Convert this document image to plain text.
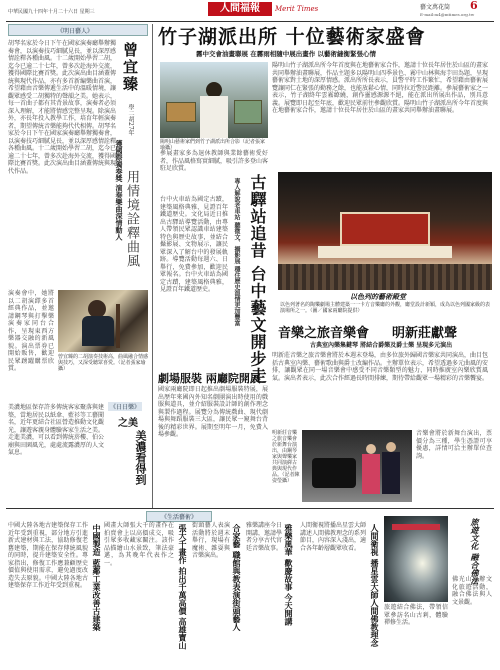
中華民國九十四年十月二十六日 星期三	人間福報	Merit Times	藝文萬花筒 6
E-mail:m4@mtimes.org.tw
《明日藝人》
胡琴名家於今日下午在國家演奏廳舉辦獨奏會，以演奏技巧細膩見長，並以深厚感情詮釋各種曲風。十二歲開始學習二胡，迄今已逾二十七年，曾多次赴海外交流，獲得國際比賽首獎。此次演出曲目涵蓋傳統與現代作品，亦有多首新編樂曲首演，希望藉由音樂傳遞生活中的溫暖情境，讓觀眾感受二胡獨特的聲韻之美。她表示，每一首曲子都有其背景故事，演奏者必須深入理解，才能將情感完整呈現。除演出外，亦長年投入教學工作，培育年輕演奏者，期望傳統音樂能夠代代相傳。胡琴名家於今日下午在國家演奏廳舉辦獨奏會，以演奏技巧細膩見長，並以深厚感情詮釋各種曲風。十二歲開始學習二胡，迄今已逾二十七年，曾多次赴海外交流，獲得國際比賽首獎。此次演出曲目涵蓋傳統與現代作品。
曾宜臻
學二胡27年
獲國際獨奏獎 演奏樂曲深情動人 用情境詮釋曲風
曾宜臻的二胡演奏技術高，曲風融合情感與技巧，又深受聽眾喜愛。（記者張家瑜攝）
演奏會中，她將以二胡演繹多首經典作品，並邀請鋼琴與打擊樂演奏家同台合作，呈現東西方樂器交融的新風貌。演出票券已開始販售，歡迎民眾踴躍購票欣賞。
《日日樂》
之美
美濃看得到
美濃地區保存許多傳統客家聚落與建築，當地居民以紙傘、藍衫等工藝聞名，近年更結合社區營造推動文化觀光，讓遊客親身體驗客家生活之美。走進美濃，可以看到傳統菸樓、伯公廟與田園風光，處處流露濃厚的人文氣息。
竹子湖派出所 十位藝術家盛會
霧中交會油畫聯展 在霧雨相隨中展出畫作 以藝術縫衡緊張心情
陽明山藝術家們到竹子湖派出所合影（記者張家瑜攝）
陽明山竹子湖派出所今年首度與在地藝術家合作，邀請十位長年居住於山區的畫家共同舉辦油畫聯展，作品主題多以陽明山四季景色、霧中山林與海芋田為題，呈現藝術家對土地的深厚情感。派出所所長表示，員警平時工作繁忙，希望藉由藝術展覽讓同仁在緊張的勤務之餘，也能放鬆心情，同時拉近警民距離。參展藝術家之一表示，竹子湖終年雲霧繚繞，創作靈感源源不絕，能在派出所展出作品，別具意義。展覽即日起至年底，歡迎民眾前往參觀欣賞。陽明山竹子湖派出所今年首度與在地藝術家合作，邀請十位長年居住於山區的畫家共同舉辦油畫聯展。
參展畫家多為退休教師與業餘藝術愛好者，作品風格寫實細膩，吸引許多登山客駐足欣賞。
古驛站追昔 台中藝文開步走
專人解說老車站 聽微文、攝影展 穩住歷史溫情更加豐富
台中火車站為國定古蹟，建築風格典雅，見證百年鐵道歷史。文化局近日推出古驛站導覽活動，由專人帶領民眾認識車站建築特色與歷史故事，並結合攝影展、文物展示，讓民眾深入了解台中的發展軌跡。導覽活動每週六、日舉行，免費參加，歡迎民眾報名。台中火車站為國定古蹟，建築風格典雅，見證百年鐵道歷史。
以色列的藝術殿堂
以色列著名的陶樂劇場主體建築一一卡方音樂廳的外觀，廳堂設計新穎，成為以色列國家級的表演場所之一。（圖／國家兩廳院提供）
音樂之旅音樂會 明新莊獻聲
古典室內樂集鍵琴 將結合爵樂及爵士樂 呈現多元演出
明新莊音樂之旅音樂會將於本週末登場，由多位旅外歸國音樂家共同演出，曲目包括古典室內樂、藝術歌曲與爵士改編作品。主辦單位表示，希望透過多元曲風的安排，讓觀眾在同一場音樂會中感受不同音樂類型的魅力，同時推廣室內樂欣賞風氣。演出者表示，此次合作經過長時間排練，期待帶給觀眾一場精彩的音樂饗宴。
明新莊音樂之旅音樂會於新舞台演出，由鋼琴家與聲樂家共同演繹古典與現代作品。（記者陳姿瑩攝）
音樂會將於新舞台演出，票價分為三種，學生憑證可享優惠，詳情可洽主辦單位查詢。
劇場服裝 兩廳院開展
國家兩廳院即日起推出劇場服裝特展，展出歷年來國內外知名劇團演出時使用的戲服與道具，並介紹服裝設計師的創作理念與製作過程。展覽分為傳統戲曲、現代劇場與舞蹈服裝三大區，讓民眾一窺舞台背後的精彩世界。展期至明年一月，免費入場參觀。
《生活藝術》
中國大陸各地古建築保存工作近年受到重視，部分地方引進新式建材與工法，協助修復老舊建築，期能在保存傳統風貌的同時，提升建築安全性。專家指出，修復工作應兼顧歷史價值與使用需求，避免過度改造失去原貌。中國大陸各地古建築保存工作近年受到重視。 中國製造 藍鄰工業改善古建築	張大千畫作 拍出千萬高價 高雄寶山
國畫大師張大千的畫作在拍賣會上以高價成交，吸引眾多收藏家關注。該作品描繪山水景致，筆法豪邁，為其晚年代表作之一。	合家藝 職館與教表演街頭藝人
街頭藝人表演活動將於週末舉行，現場有魔術、雜耍與音樂演出。	雅樂風華 歡慶故事 今天開講
雅樂講座今日開講，邀請學者分享古代宮廷音樂故事。	人間衛視 播星雲大師人間佛教理念
人間衛視將播出星雲大師講述人間佛教理念的系列節目，內容深入淺出，適合各年齡層觀眾收看。
旅遊結合佛法，帶領信眾參訪名山古剎，體驗禪修生活。
旅遊文化 融合佛法
佛光山舉辦文化旅遊活動，融合佛法與人文景觀。
